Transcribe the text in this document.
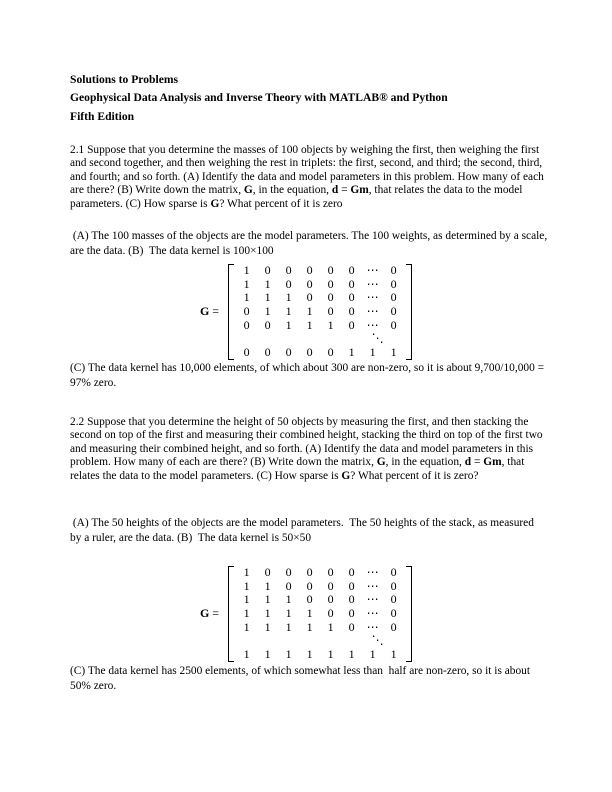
Solutions to Problems

Geophysical Data Analysis and Inverse Theory with MATLAB® and Python

Fifth Edition

2.1 Suppose that you determine the masses of 100 objects by weighing the first, then weighing the first and second together, and then weighing the rest in triplets: the first, second, and third; the second, third, and fourth; and so forth. (A) Identify the data and model parameters in this problem. How many of each are there? (B) Write down the matrix, G, in the equation, d = Gm, that relates the data to the model parameters. (C) How sparse is G? What percent of it is zero
(A) The 100 masses of the objects are the model parameters. The 100 weights, as determined by a scale, are the data. (B)  The data kernel is 100×100
G =
1	0	0	0	0	0	⋯	0
1	1	0	0	0	0	⋯	0
1	1	1	0	0	0	⋯	0
0	1	1	1	0	0	⋯	0
0	0	1	1	1	0	⋯	0
⋱
0	0	0	0	0	1	1	1
(C) The data kernel has 10,000 elements, of which about 300 are non-zero, so it is about 9,700/10,000 = 97% zero.
2.2 Suppose that you determine the height of 50 objects by measuring the first, and then stacking the second on top of the first and measuring their combined height, stacking the third on top of the first two and measuring their combined height, and so forth. (A) Identify the data and model parameters in this problem. How many of each are there? (B) Write down the matrix, G, in the equation, d = Gm, that relates the data to the model parameters. (C) How sparse is G? What percent of it is zero?
(A) The 50 heights of the objects are the model parameters.  The 50 heights of the stack, as measured by a ruler, are the data. (B)  The data kernel is 50×50
G =
1	0	0	0	0	0	⋯	0
1	1	0	0	0	0	⋯	0
1	1	1	0	0	0	⋯	0
1	1	1	1	0	0	⋯	0
1	1	1	1	1	0	⋯	0
⋱
1	1	1	1	1	1	1	1
(C) The data kernel has 2500 elements, of which somewhat less than  half are non-zero, so it is about  50% zero.
